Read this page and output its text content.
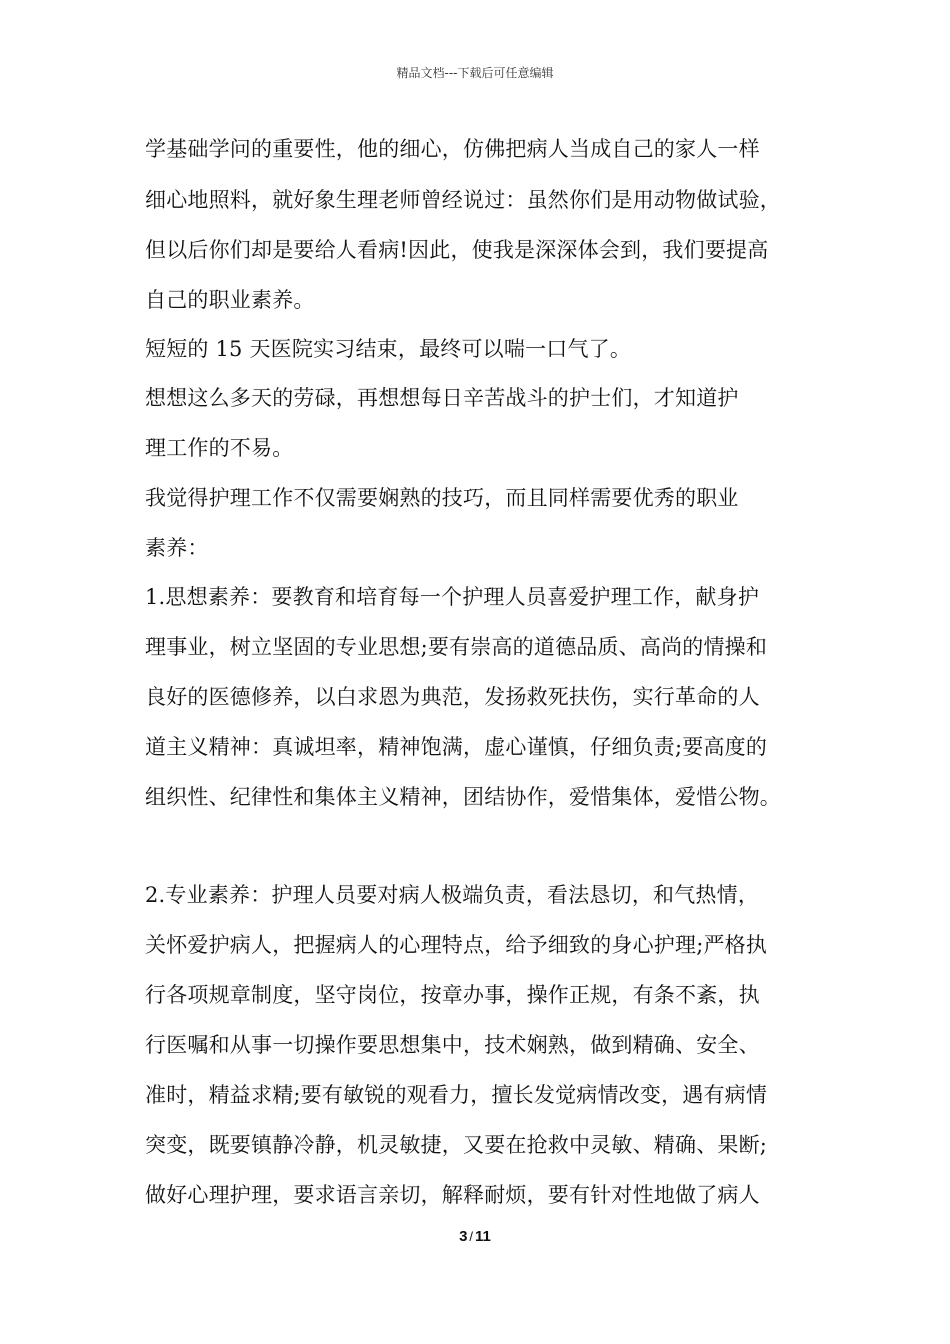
精品文档---下载后可任意编辑
学基础学问的重要性，他的细心，仿佛把病人当成自己的家人一样
细心地照料，就好象生理老师曾经说过：虽然你们是用动物做试验，
但以后你们却是要给人看病!因此，使我是深深体会到，我们要提高
自己的职业素养。
短短的 15 天医院实习结束，最终可以喘一口气了。
想想这么多天的劳碌，再想想每日辛苦战斗的护士们，才知道护
理工作的不易。
我觉得护理工作不仅需要娴熟的技巧，而且同样需要优秀的职业
素养：
1.思想素养：要教育和培育每一个护理人员喜爱护理工作，献身护
理事业，树立坚固的专业思想;要有崇高的道德品质、高尚的情操和
良好的医德修养，以白求恩为典范，发扬救死扶伤，实行革命的人
道主义精神：真诚坦率，精神饱满，虚心谨慎，仔细负责;要高度的
组织性、纪律性和集体主义精神，团结协作，爱惜集体，爱惜公物。
2.专业素养：护理人员要对病人极端负责，看法恳切，和气热情，
关怀爱护病人，把握病人的心理特点，给予细致的身心护理;严格执
行各项规章制度，坚守岗位，按章办事，操作正规，有条不紊，执
行医嘱和从事一切操作要思想集中，技术娴熟，做到精确、安全、
准时，精益求精;要有敏锐的观看力，擅长发觉病情改变，遇有病情
突变，既要镇静冷静，机灵敏捷，又要在抢救中灵敏、精确、果断;
做好心理护理，要求语言亲切，解释耐烦，要有针对性地做了病人
3 / 11
